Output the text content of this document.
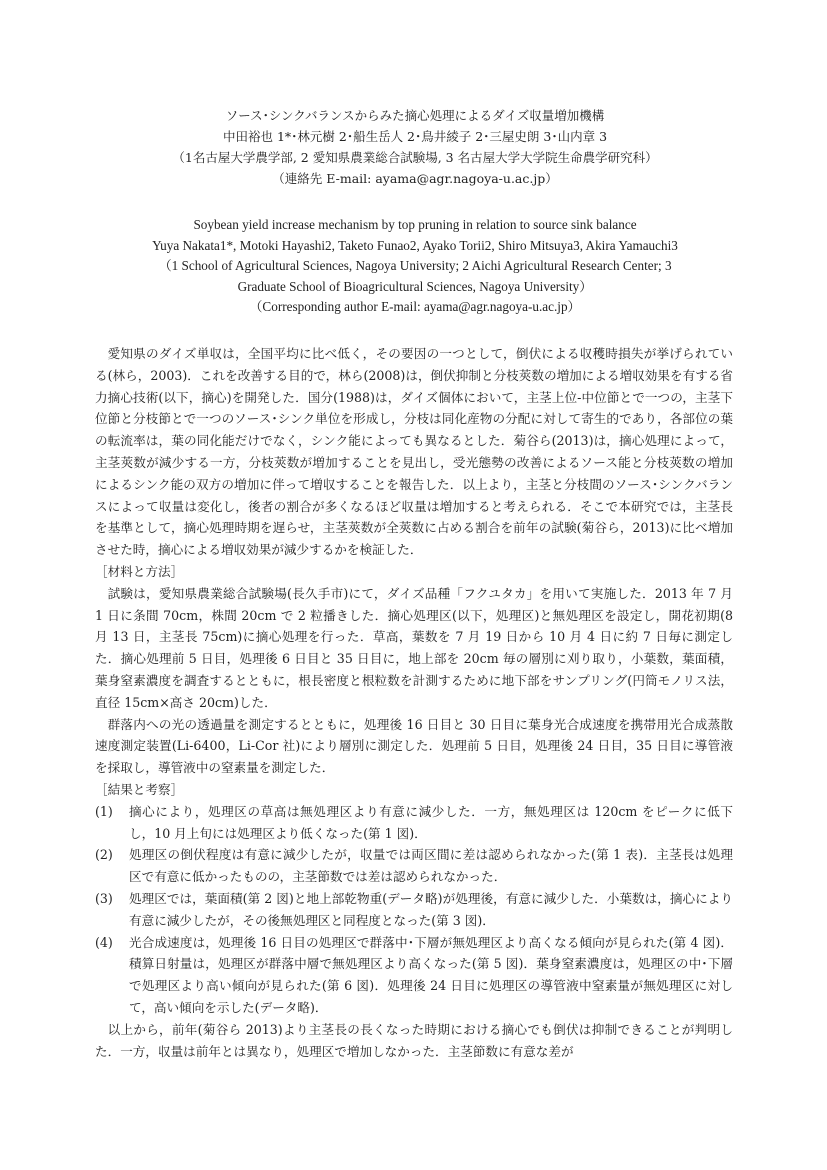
ソース･シンクバランスからみた摘心処理によるダイズ収量増加機構
中田裕也 1*･林元樹 2･船生岳人 2･鳥井綾子 2･三屋史朗 3･山内章 3
（1名古屋大学農学部, 2 愛知県農業総合試験場, 3 名古屋大学大学院生命農学研究科）
（連絡先 E-mail: ayama@agr.nagoya-u.ac.jp）
Soybean yield increase mechanism by top pruning in relation to source sink balance
Yuya Nakata1*, Motoki Hayashi2, Taketo Funao2, Ayako Torii2, Shiro Mitsuya3, Akira Yamauchi3
（1 School of Agricultural Sciences, Nagoya University; 2 Aichi Agricultural Research Center; 3
Graduate School of Bioagricultural Sciences, Nagoya University）
（Corresponding author E-mail: ayama@agr.nagoya-u.ac.jp）

愛知県のダイズ単収は，全国平均に比べ低く，その要因の一つとして，倒伏による収穫時損失が挙げられている(林ら，2003)．これを改善する目的で，林ら(2008)は，倒伏抑制と分枝莢数の増加による増収効果を有する省力摘心技術(以下，摘心)を開発した．国分(1988)は，ダイズ個体において，主茎上位-中位節とで一つの，主茎下位節と分枝節とで一つのソース･シンク単位を形成し，分枝は同化産物の分配に対して寄生的であり，各部位の葉の転流率は，葉の同化能だけでなく，シンク能によっても異なるとした．菊谷ら(2013)は，摘心処理によって，主茎莢数が減少する一方，分枝莢数が増加することを見出し，受光態勢の改善によるソース能と分枝莢数の増加によるシンク能の双方の増加に伴って増収することを報告した．以上より，主茎と分枝間のソース･シンクバランスによって収量は変化し，後者の割合が多くなるほど収量は増加すると考えられる．そこで本研究では，主茎長を基準として，摘心処理時期を遅らせ，主茎莢数が全莢数に占める割合を前年の試験(菊谷ら，2013)に比べ増加させた時，摘心による増収効果が減少するかを検証した．

［材料と方法］

試験は，愛知県農業総合試験場(長久手市)にて，ダイズ品種「フクユタカ」を用いて実施した．2013 年 7 月 1 日に条間 70cm，株間 20cm で 2 粒播きした．摘心処理区(以下，処理区)と無処理区を設定し，開花初期(8 月 13 日，主茎長 75cm)に摘心処理を行った．草高，葉数を 7 月 19 日から 10 月 4 日に約 7 日毎に測定した．摘心処理前 5 日目，処理後 6 日目と 35 日目に，地上部を 20cm 毎の層別に刈り取り，小葉数，葉面積，葉身窒素濃度を調査するとともに，根長密度と根粒数を計測するために地下部をサンプリング(円筒モノリス法，直径 15cm×高さ 20cm)した．

群落内への光の透過量を測定するとともに，処理後 16 日目と 30 日目に葉身光合成速度を携帯用光合成蒸散速度測定装置(Li-6400，Li-Cor 社)により層別に測定した．処理前 5 日目，処理後 24 日目，35 日目に導管液を採取し，導管液中の窒素量を測定した．

［結果と考察］

(1)	摘心により，処理区の草高は無処理区より有意に減少した．一方，無処理区は 120cm をピークに低下し，10 月上旬には処理区より低くなった(第 1 図)．
(2)	処理区の倒伏程度は有意に減少したが，収量では両区間に差は認められなかった(第 1 表)．主茎長は処理区で有意に低かったものの，主茎節数では差は認められなかった．
(3)	処理区では，葉面積(第 2 図)と地上部乾物重(データ略)が処理後，有意に減少した．小葉数は，摘心により有意に減少したが，その後無処理区と同程度となった(第 3 図)．
(4)	光合成速度は，処理後 16 日目の処理区で群落中･下層が無処理区より高くなる傾向が見られた(第 4 図)．積算日射量は，処理区が群落中層で無処理区より高くなった(第 5 図)．葉身窒素濃度は，処理区の中･下層で処理区より高い傾向が見られた(第 6 図)．処理後 24 日目に処理区の導管液中窒素量が無処理区に対して，高い傾向を示した(データ略)．

以上から，前年(菊谷ら 2013)より主茎長の長くなった時期における摘心でも倒伏は抑制できることが判明した．一方，収量は前年とは異なり，処理区で増加しなかった．主茎節数に有意な差が
